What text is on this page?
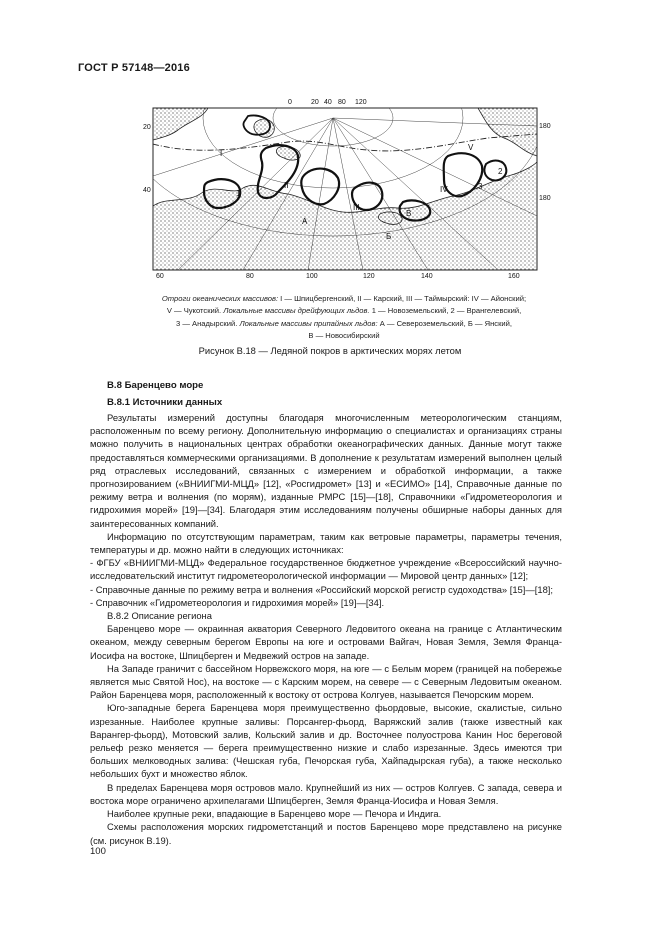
ГОСТ Р 57148—2016
0	20 40 80 120
20
40
180
180
60	80	100	120	140	160
I
II
III
IV
V
1
2
3
A
B
Б
Отроги океанических массивов: I — Шпицбергенский, II — Карский, III — Таймырский: IV — Айонский;
V — Чукотский. Локальные массивы дрейфующих льдов. 1 — Новоземельский, 2 — Врангелевский,
3 — Анадырский. Локальные массивы припайных льдов: А — Североземельский, Б — Янский,
В — Новосибирский
Рисунок В.18 — Ледяной покров в арктических морях летом
В.8 Баренцево море
В.8.1 Источники данных

Результаты измерений доступны благодаря многочисленным метеорологическим станциям, расположенным по всему региону. Дополнительную информацию о специалистах и организациях страны можно получить в национальных центрах обработки океанографических данных. Данные могут также предоставляться коммерческими организациями. В дополнение к результатам измерений выполнен целый ряд отраслевых исследований, связанных с измерением и обработкой информации, а также прогнозированием («ВНИИГМИ-МЦД» [12], «Росгидромет» [13] и «ЕСИМО» [14], Справочные данные по режиму ветра и волнения (по морям), изданные РМРС [15]—[18], Справочники «Гидрометеорология и гидрохимия морей» [19]—[34]. Благодаря этим исследованиям получены обширные наборы данных для заинтересованных компаний.

Информацию по отсутствующим параметрам, таким как ветровые параметры, параметры течения, температуры и др. можно найти в следующих источниках:

- ФГБУ «ВНИИГМИ-МЦД» Федеральное государственное бюджетное учреждение «Всероссийский научно-исследовательский институт гидрометеорологической информации — Мировой центр данных» [12];

- Справочные данные по режиму ветра и волнения «Российский морской регистр судоходства» [15]—[18];

- Справочник «Гидрометеорология и гидрохимия морей» [19]—[34].

В.8.2 Описание региона

Баренцево море — окраинная акватория Северного Ледовитого океана на границе с Атлантическим океаном, между северным берегом Европы на юге и островами Вайгач, Новая Земля, Земля Франца-Иосифа на востоке, Шпицберген и Медвежий остров на западе.

На Западе граничит с бассейном Норвежского моря, на юге — с Белым морем (границей на побережье является мыс Святой Нос), на востоке — с Карским морем, на севере — с Северным Ледовитым океаном. Район Баренцева моря, расположенный к востоку от острова Колгуев, называется Печорским морем.

Юго-западные берега Баренцева моря преимущественно фьордовые, высокие, скалистые, сильно изрезанные. Наиболее крупные заливы: Порсангер-фьорд, Варяжский залив (также известный как Варангер-фьорд), Мотовский залив, Кольский залив и др. Восточнее полуострова Канин Нос береговой рельеф резко меняется — берега преимущественно низкие и слабо изрезанные. Здесь имеются три больших мелководных залива: (Чешская губа, Печорская губа, Хайпадырская губа), а также несколько небольших бухт и множество яблок.

В пределах Баренцева моря островов мало. Крупнейший из них — остров Колгуев. С запада, севера и востока море ограничено архипелагами Шпицберген, Земля Франца-Иосифа и Новая Земля.

Наиболее крупные реки, впадающие в Баренцево море — Печора и Индига.

Схемы расположения морских гидрометстанций и постов Баренцево море представлено на рисунке (см. рисунок В.19).

100
